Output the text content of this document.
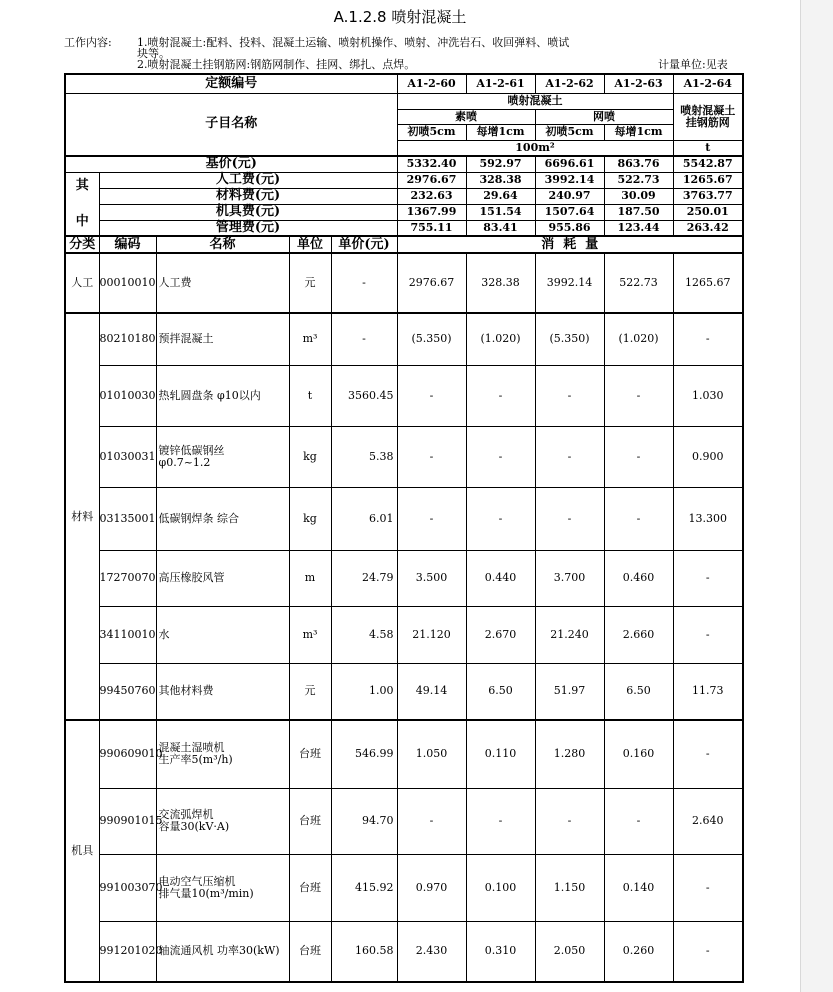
A.1.2.8 喷射混凝土
工作内容: 1.喷射混凝土:配料、投料、混凝土运输、喷射机操作、喷射、冲洗岩石、收回弹料、喷试
块等。
2.喷射混凝土挂钢筋网:钢筋网制作、挂网、绑扎、点焊。	计量单位:见表
定额编号					A1-2-60	A1-2-61	A1-2-62	A1-2-63	A1-2-64
子目名称					喷射混凝土				喷射混凝土
挂钢筋网
					素喷		网喷		
					初喷5cm	每增1cm	初喷5cm	每增1cm	
					100m²				t
基价(元)					5332.40	592.97	6696.61	863.76	5542.87
其

中	人工费(元)				2976.67	328.38	3992.14	522.73	1265.67
	材料费(元)				232.63	29.64	240.97	30.09	3763.77
	机具费(元)				1367.99	151.54	1507.64	187.50	250.01
	管理费(元)				755.11	83.41	955.86	123.44	263.42
分类	编码	名称	单位	单价(元)	消  耗  量				
人工	00010010	人工费	元	-	2976.67	328.38	3992.14	522.73	1265.67
材料	80210180	预拌混凝土	m³	-	(5.350)	(1.020)	(5.350)	(1.020)	-
	01010030	热轧圆盘条 φ10以内	t	3560.45	-	-	-	-	1.030
	01030031	镀锌低碳钢丝
φ0.7~1.2	kg	5.38	-	-	-	-	0.900
	03135001	低碳钢焊条 综合	kg	6.01	-	-	-	-	13.300
	17270070	高压橡胶风管	m	24.79	3.500	0.440	3.700	0.460	-
	34110010	水	m³	4.58	21.120	2.670	21.240	2.660	-
	99450760	其他材料费	元	1.00	49.14	6.50	51.97	6.50	11.73
机具	990609010	混凝土湿喷机
生产率5(m³/h)	台班	546.99	1.050	0.110	1.280	0.160	-
	990901015	交流弧焊机
容量30(kV·A)	台班	94.70	-	-	-	-	2.640
	991003070	电动空气压缩机
排气量10(m³/min)	台班	415.92	0.970	0.100	1.150	0.140	-
	991201020	轴流通风机 功率30(kW)	台班	160.58	2.430	0.310	2.050	0.260	-
